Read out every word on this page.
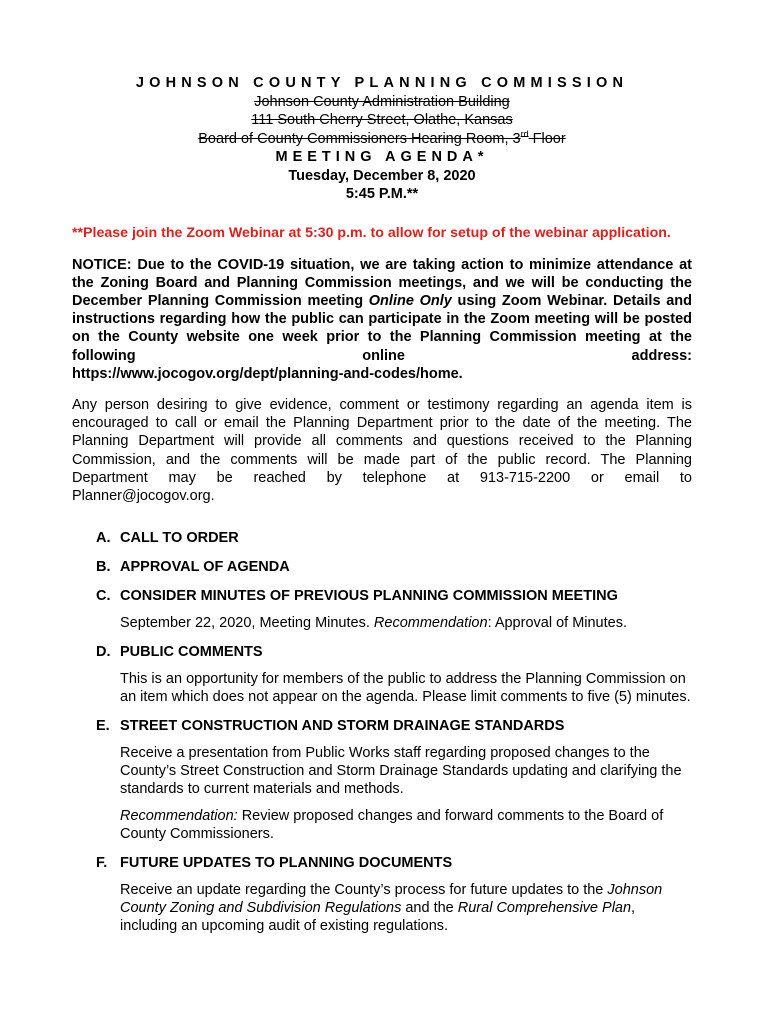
JOHNSON COUNTY PLANNING COMMISSION
Johnson County Administration Building
111 South Cherry Street, Olathe, Kansas
Board of County Commissioners Hearing Room, 3rd Floor
MEETING AGENDA*
Tuesday, December 8, 2020
5:45 P.M.**
**Please join the Zoom Webinar at 5:30 p.m. to allow for setup of the webinar application.
NOTICE: Due to the COVID-19 situation, we are taking action to minimize attendance at the Zoning Board and Planning Commission meetings, and we will be conducting the December Planning Commission meeting Online Only using Zoom Webinar. Details and instructions regarding how the public can participate in the Zoom meeting will be posted on the County website one week prior to the Planning Commission meeting at the following online address:
https://www.jocogov.org/dept/planning-and-codes/home.
Any person desiring to give evidence, comment or testimony regarding an agenda item is encouraged to call or email the Planning Department prior to the date of the meeting. The Planning Department will provide all comments and questions received to the Planning Commission, and the comments will be made part of the public record. The Planning Department may be reached by telephone at 913-715-2200 or email to
Planner@jocogov.org.
A. CALL TO ORDER
B. APPROVAL OF AGENDA
C. CONSIDER MINUTES OF PREVIOUS PLANNING COMMISSION MEETING

September 22, 2020, Meeting Minutes. Recommendation: Approval of Minutes.

D. PUBLIC COMMENTS

This is an opportunity for members of the public to address the Planning Commission on an item which does not appear on the agenda. Please limit comments to five (5) minutes.

E. STREET CONSTRUCTION AND STORM DRAINAGE STANDARDS

Receive a presentation from Public Works staff regarding proposed changes to the County’s Street Construction and Storm Drainage Standards updating and clarifying the standards to current materials and methods.

Recommendation: Review proposed changes and forward comments to the Board of County Commissioners.

F. FUTURE UPDATES TO PLANNING DOCUMENTS

Receive an update regarding the County’s process for future updates to the Johnson County Zoning and Subdivision Regulations and the Rural Comprehensive Plan, including an upcoming audit of existing regulations.
